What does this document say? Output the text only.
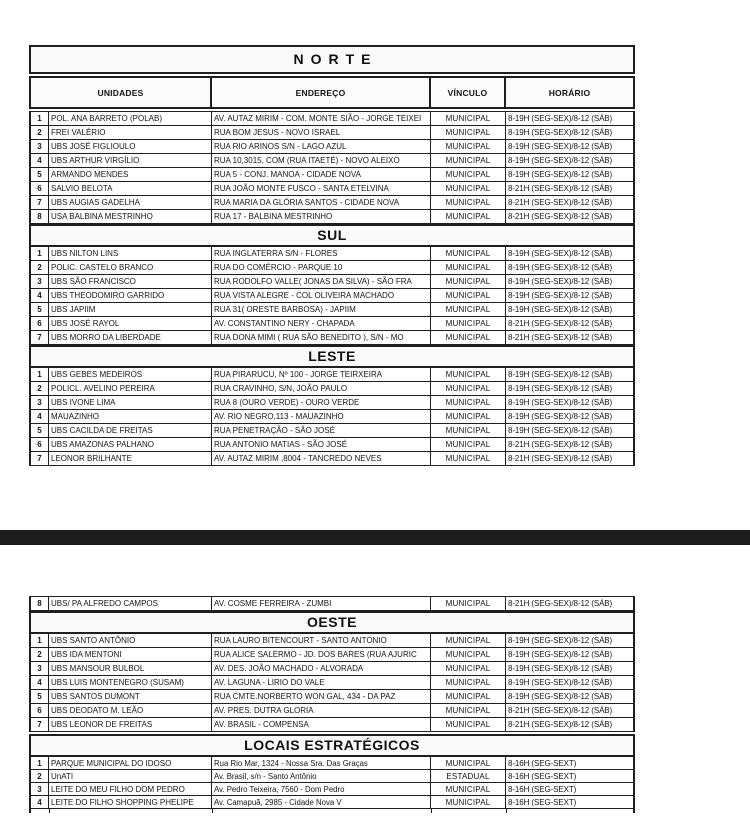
NORTE
UNIDADES	ENDEREÇO	VÍNCULO	HORÁRIO
1	POL. ANA BARRETO (POLAB)	AV. AUTAZ MIRIM - COM. MONTE SIÃO - JORGE TEIXEI	MUNICIPAL	8-19H (SEG-SEX)/8-12 (SÁB)
2	FREI VALÉRIO	RUA BOM JESUS - NOVO ISRAEL	MUNICIPAL	8-19H (SEG-SEX)/8-12 (SÁB)
3	UBS JOSÉ FIGLIOULO	RUA RIO ARINOS S/N - LAGO AZUL	MUNICIPAL	8-19H (SEG-SEX)/8-12 (SÁB)
4	UBS ARTHUR VIRGÍLIO	RUA 10,3015, COM (RUA ITAETÉ) - NOVO ALEIXO	MUNICIPAL	8-19H (SEG-SEX)/8-12 (SÁB)
5	ARMANDO MENDES	RUA 5 - CONJ. MANOA - CIDADE NOVA	MUNICIPAL	8-19H (SEG-SEX)/8-12 (SÁB)
6	SALVIO BELOTA	RUA JOÃO MONTE FUSCO - SANTA ETELVINA	MUNICIPAL	8-21H (SEG-SEX)/8-12 (SÁB)
7	UBS AUGIAS GADELHA	RUA MARIA DA GLÓRIA SANTOS - CIDADE NOVA	MUNICIPAL	8-21H (SEG-SEX)/8-12 (SÁB)
8	USA BALBINA MESTRINHO	RUA 17 - BALBINA MESTRINHO	MUNICIPAL	8-21H (SEG-SEX)/8-12 (SÁB)
SUL
1	UBS NILTON LINS	RUA INGLATERRA S/N - FLORES	MUNICIPAL	8-19H (SEG-SEX)/8-12 (SÁB)
2	POLIC. CASTELO BRANCO	RUA DO COMÉRCIO - PARQUE 10	MUNICIPAL	8-19H (SEG-SEX)/8-12 (SÁB)
3	UBS SÃO FRANCISCO	RUA RODOLFO VALLE( JONAS DA SILVA) - SÃO FRA	MUNICIPAL	8-19H (SEG-SEX)/8-12 (SÁB)
4	UBS THEODOMIRO GARRIDO	RUA VISTA ALEGRE - COL OLIVEIRA MACHADO	MUNICIPAL	8-19H (SEG-SEX)/8-12 (SÁB)
5	UBS JAPIIM	RUA 31( ORESTE BARBOSA) - JAPIIM	MUNICIPAL	8-19H (SEG-SEX)/8-12 (SÁB)
6	UBS JOSÉ RAYOL	AV. CONSTANTINO NERY - CHAPADA	MUNICIPAL	8-21H (SEG-SEX)/8-12 (SÁB)
7	UBS MORRO DA LIBERDADE	RUA DONA MIMI ( RUA SÃO BENEDITO ), S/N - MO	MUNICIPAL	8-21H (SEG-SEX)/8-12 (SÁB)
LESTE
1	UBS GEBES MEDEIROS	RUA PIRARUCU, Nº 100 - JORGE TEIRXEIRA	MUNICIPAL	8-19H (SEG-SEX)/8-12 (SÁB)
2	POLICL. AVELINO PEREIRA	RUA CRAVINHO, S/N, JOÃO PAULO	MUNICIPAL	8-19H (SEG-SEX)/8-12 (SÁB)
3	UBS IVONE LIMA	RUA 8 (OURO VERDE) - OURO VERDE	MUNICIPAL	8-19H (SEG-SEX)/8-12 (SÁB)
4	MAUAZINHO	AV. RIO NEGRO,113 - MAUAZINHO	MUNICIPAL	8-19H (SEG-SEX)/8-12 (SÁB)
5	UBS CACILDA DE FREITAS	RUA PENETRAÇÃO - SÃO JOSÉ	MUNICIPAL	8-19H (SEG-SEX)/8-12 (SÁB)
6	UBS AMAZONAS PALHANO	RUA ANTONIO MATIAS - SÃO JOSÉ	MUNICIPAL	8-21H (SEG-SEX)/8-12 (SÁB)
7	LEONOR BRILHANTE	AV. AUTAZ MIRIM ,8004 - TANCREDO NEVES	MUNICIPAL	8-21H (SEG-SEX)/8-12 (SÁB)
8	UBS/ PA ALFREDO CAMPOS	AV. COSME FERREIRA - ZUMBI	MUNICIPAL	8-21H (SEG-SEX)/8-12 (SÁB)
OESTE
1	UBS SANTO ANTÔNIO	RUA LAURO BITENCOURT - SANTO ANTONIO	MUNICIPAL	8-19H (SEG-SEX)/8-12 (SÁB)
2	UBS IDA MENTONI	RUA ALICE SALERMO - JD. DOS BARES (RUA AJURIC	MUNICIPAL	8-19H (SEG-SEX)/8-12 (SÁB)
3	UBS MANSOUR BULBOL	AV. DES. JOÃO MACHADO - ALVORADA	MUNICIPAL	8-19H (SEG-SEX)/8-12 (SÁB)
4	UBS LUIS MONTENEGRO (SUSAM)	AV. LAGUNA - LIRIO DO VALE	MUNICIPAL	8-19H (SEG-SEX)/8-12 (SÁB)
5	UBS SANTOS DUMONT	RUA CMTE.NORBERTO WON GAL, 434 - DA PAZ	MUNICIPAL	8-19H (SEG-SEX)/8-12 (SÁB)
6	UBS DEODATO M. LEÃO	AV. PRES. DUTRA GLORIA	MUNICIPAL	8-21H (SEG-SEX)/8-12 (SÁB)
7	UBS LEONOR DE FREITAS	AV. BRASIL - COMPENSA	MUNICIPAL	8-21H (SEG-SEX)/8-12 (SÁB)
LOCAIS ESTRATÉGICOS
1	PARQUE MUNICIPAL DO IDOSO	Rua Rio Mar, 1324 - Nossa Sra. Das Graças	MUNICIPAL	8-16H (SEG-SEXT)
2	UnATI	Av. Brasil, s/n - Santo Antônio	ESTADUAL	8-16H (SEG-SEXT)
3	LEITE DO MEU FILHO DOM PEDRO	Av. Pedro Teixeira, 7560 - Dom Pedro	MUNICIPAL	8-16H (SEG-SEXT)
4	LEITE DO FILHO SHOPPING PHELIPE	Av. Camapuã, 2985 - Cidade Nova V	MUNICIPAL	8-16H (SEG-SEXT)
